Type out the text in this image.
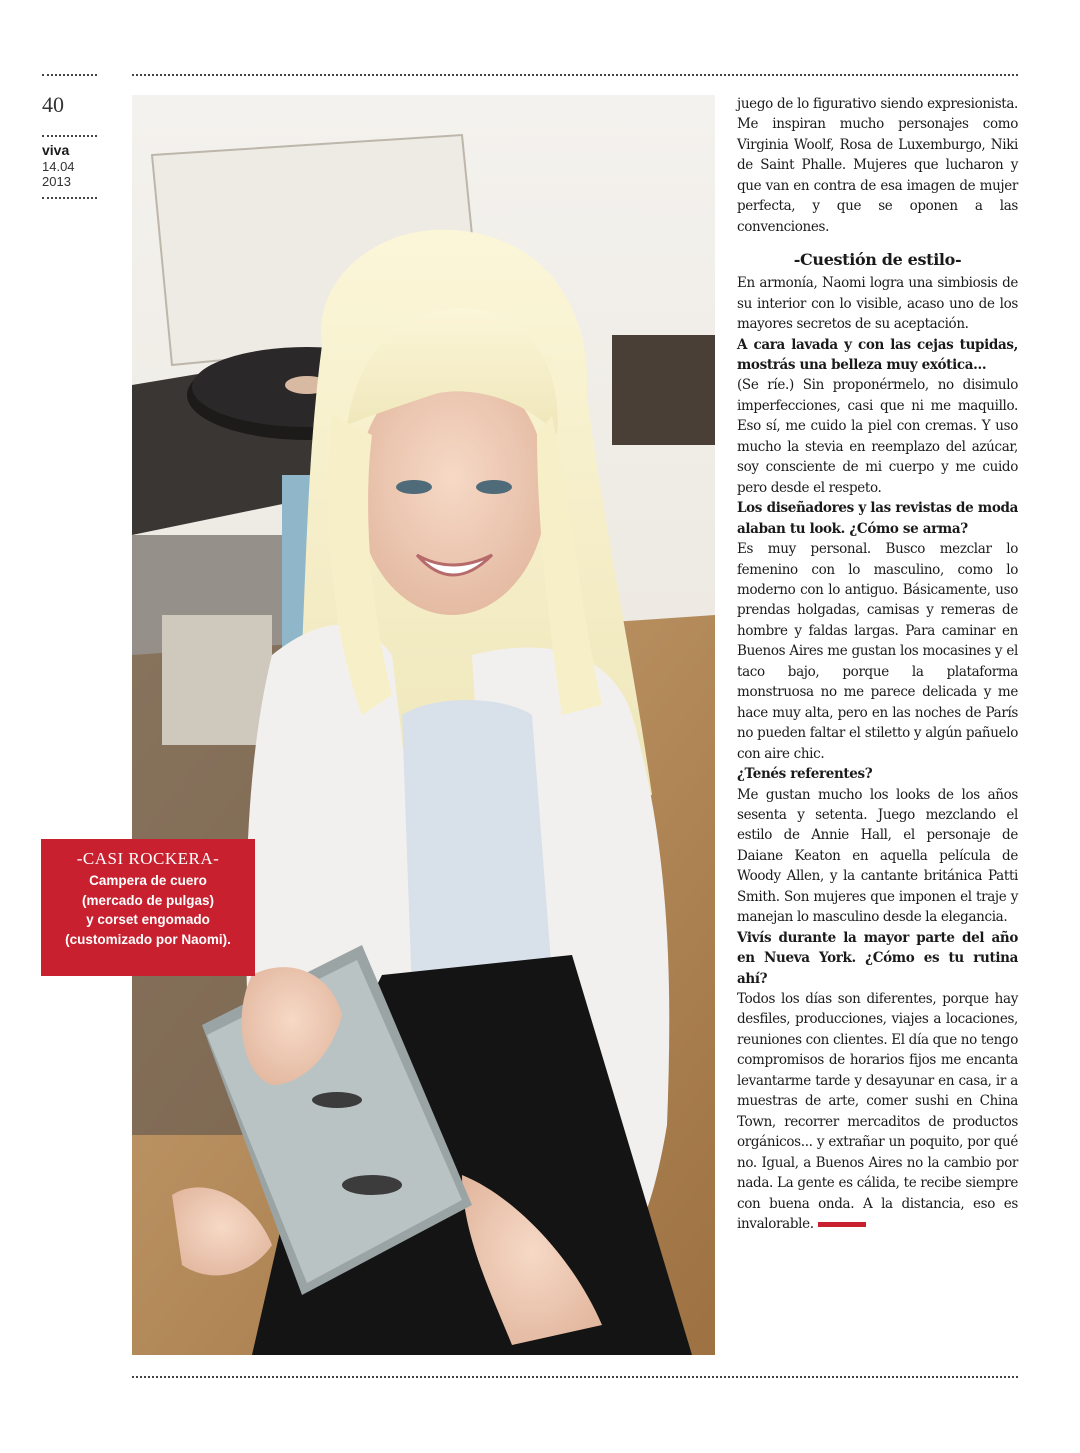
40
viva
14.04
2013
-CASI ROCKERA-
Campera de cuero
(mercado de pulgas)
y corset engomado
(customizado por Naomi).

juego de lo figurativo siendo expresionista. Me inspiran mucho personajes como Virginia Woolf, Rosa de Luxemburgo, Niki de Saint Phalle. Mujeres que lucharon y que van en contra de esa imagen de mujer perfecta, y que se oponen a las convenciones.

-Cuestión de estilo-

En armonía, Naomi logra una simbiosis de su interior con lo visible, acaso uno de los mayores secretos de su aceptación.

A cara lavada y con las cejas tupidas, mostrás una belleza muy exótica...

(Se ríe.) Sin proponérmelo, no disimulo imperfecciones, casi que ni me maquillo. Eso sí, me cuido la piel con cremas. Y uso mucho la stevia en reemplazo del azúcar, soy consciente de mi cuerpo y me cuido pero desde el respeto.

Los diseñadores y las revistas de moda alaban tu look. ¿Cómo se arma?

Es muy personal. Busco mezclar lo femenino con lo masculino, como lo moderno con lo antiguo. Básicamente, uso prendas holgadas, camisas y remeras de hombre y faldas largas. Para caminar en Buenos Aires me gustan los mocasines y el taco bajo, porque la plataforma monstruosa no me parece delicada y me hace muy alta, pero en las noches de París no pueden faltar el stiletto y algún pañuelo con aire chic.

¿Tenés referentes?

Me gustan mucho los looks de los años sesenta y setenta. Juego mezclando el estilo de Annie Hall, el personaje de Daiane Keaton en aquella película de Woody Allen, y la cantante británica Patti Smith. Son mujeres que imponen el traje y manejan lo masculino desde la elegancia.

Vivís durante la mayor parte del año en Nueva York. ¿Cómo es tu rutina ahí?

Todos los días son diferentes, porque hay desfiles, producciones, viajes a locaciones, reuniones con clientes. El día que no tengo compromisos de horarios fijos me encanta levantarme tarde y desayunar en casa, ir a muestras de arte, comer sushi en China Town, recorrer mercaditos de productos orgánicos... y extrañar un poquito, por qué no. Igual, a Buenos Aires no la cambio por nada. La gente es cálida, te recibe siempre con buena onda. A la distancia, eso es invalorable.
